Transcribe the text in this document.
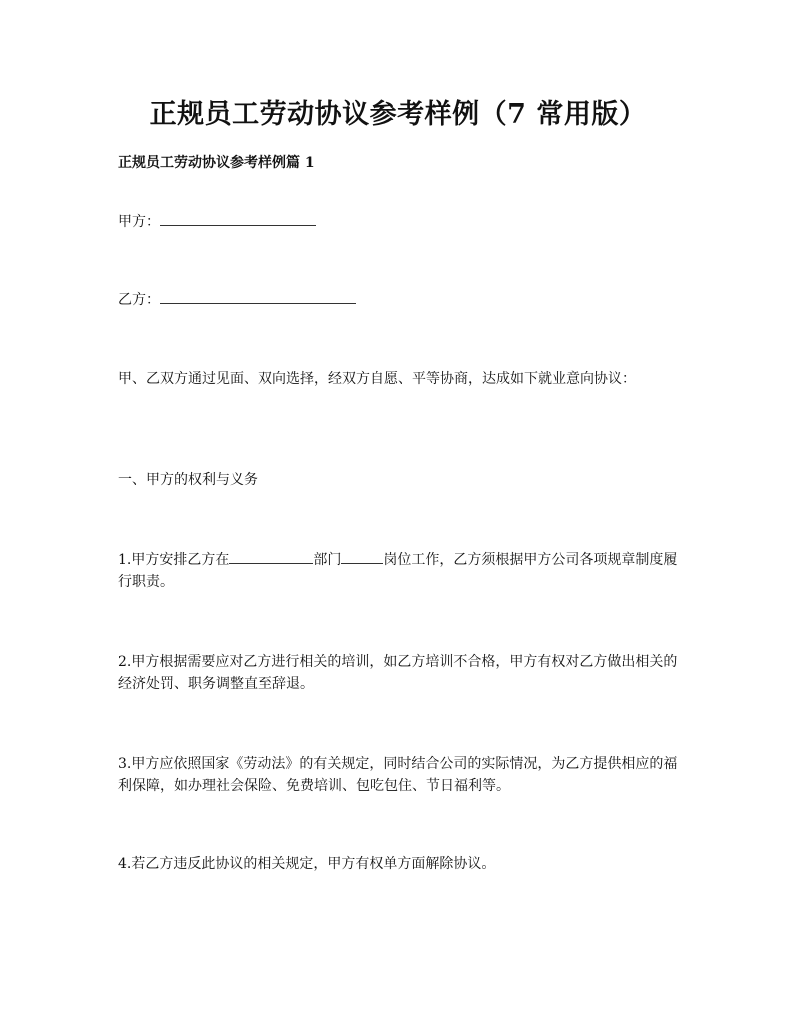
正规员工劳动协议参考样例（7 常用版）
正规员工劳动协议参考样例篇 1
甲方：
乙方：
甲、乙双方通过见面、双向选择，经双方自愿、平等协商，达成如下就业意向协议：
一、甲方的权利与义务
1.甲方安排乙方在	部门	岗位工作，乙方须根据甲方公司各项规章制度履行职责。
2.甲方根据需要应对乙方进行相关的培训，如乙方培训不合格，甲方有权对乙方做出相关的经济处罚、职务调整直至辞退。
3.甲方应依照国家《劳动法》的有关规定，同时结合公司的实际情况，为乙方提供相应的福利保障，如办理社会保险、免费培训、包吃包住、节日福利等。
4.若乙方违反此协议的相关规定，甲方有权单方面解除协议。
